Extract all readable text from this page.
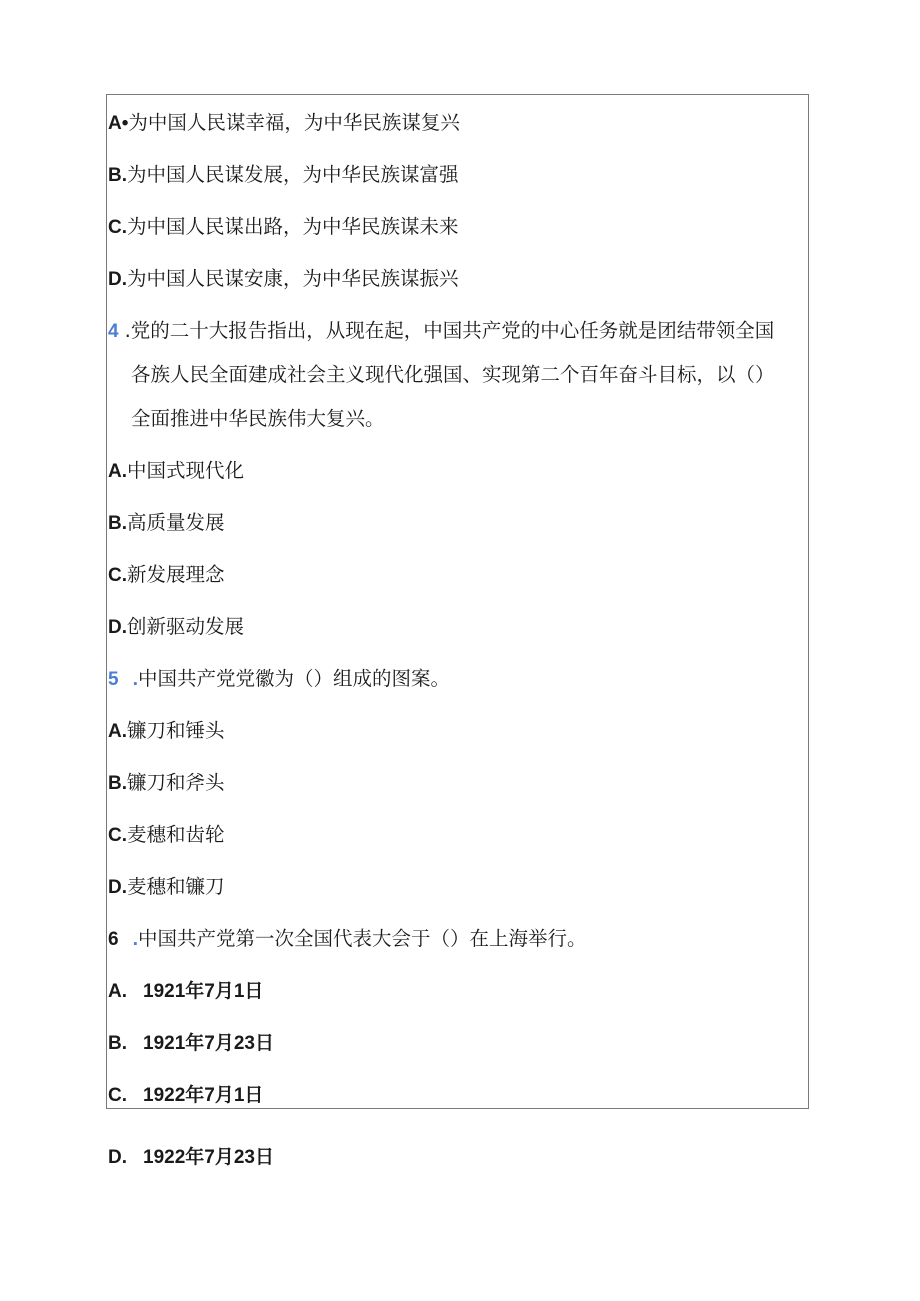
A•为中国人民谋幸福，为中华民族谋复兴
B.为中国人民谋发展，为中华民族谋富强
C.为中国人民谋出路，为中华民族谋未来
D.为中国人民谋安康，为中华民族谋振兴
4 .党的二十大报告指出，从现在起，中国共产党的中心任务就是团结带领全国
各族人民全面建成社会主义现代化强国、实现第二个百年奋斗目标，以（）
全面推进中华民族伟大复兴。
A.中国式现代化
B.高质量发展
C.新发展理念
D.创新驱动发展
5 .中国共产党党徽为（）组成的图案。
A.镰刀和锤头
B.镰刀和斧头
C.麦穗和齿轮
D.麦穗和镰刀
6 .中国共产党第一次全国代表大会于（）在上海举行。
A. 1921年7月1日
B. 1921年7月23日
C. 1922年7月1日
D. 1922年7月23日
